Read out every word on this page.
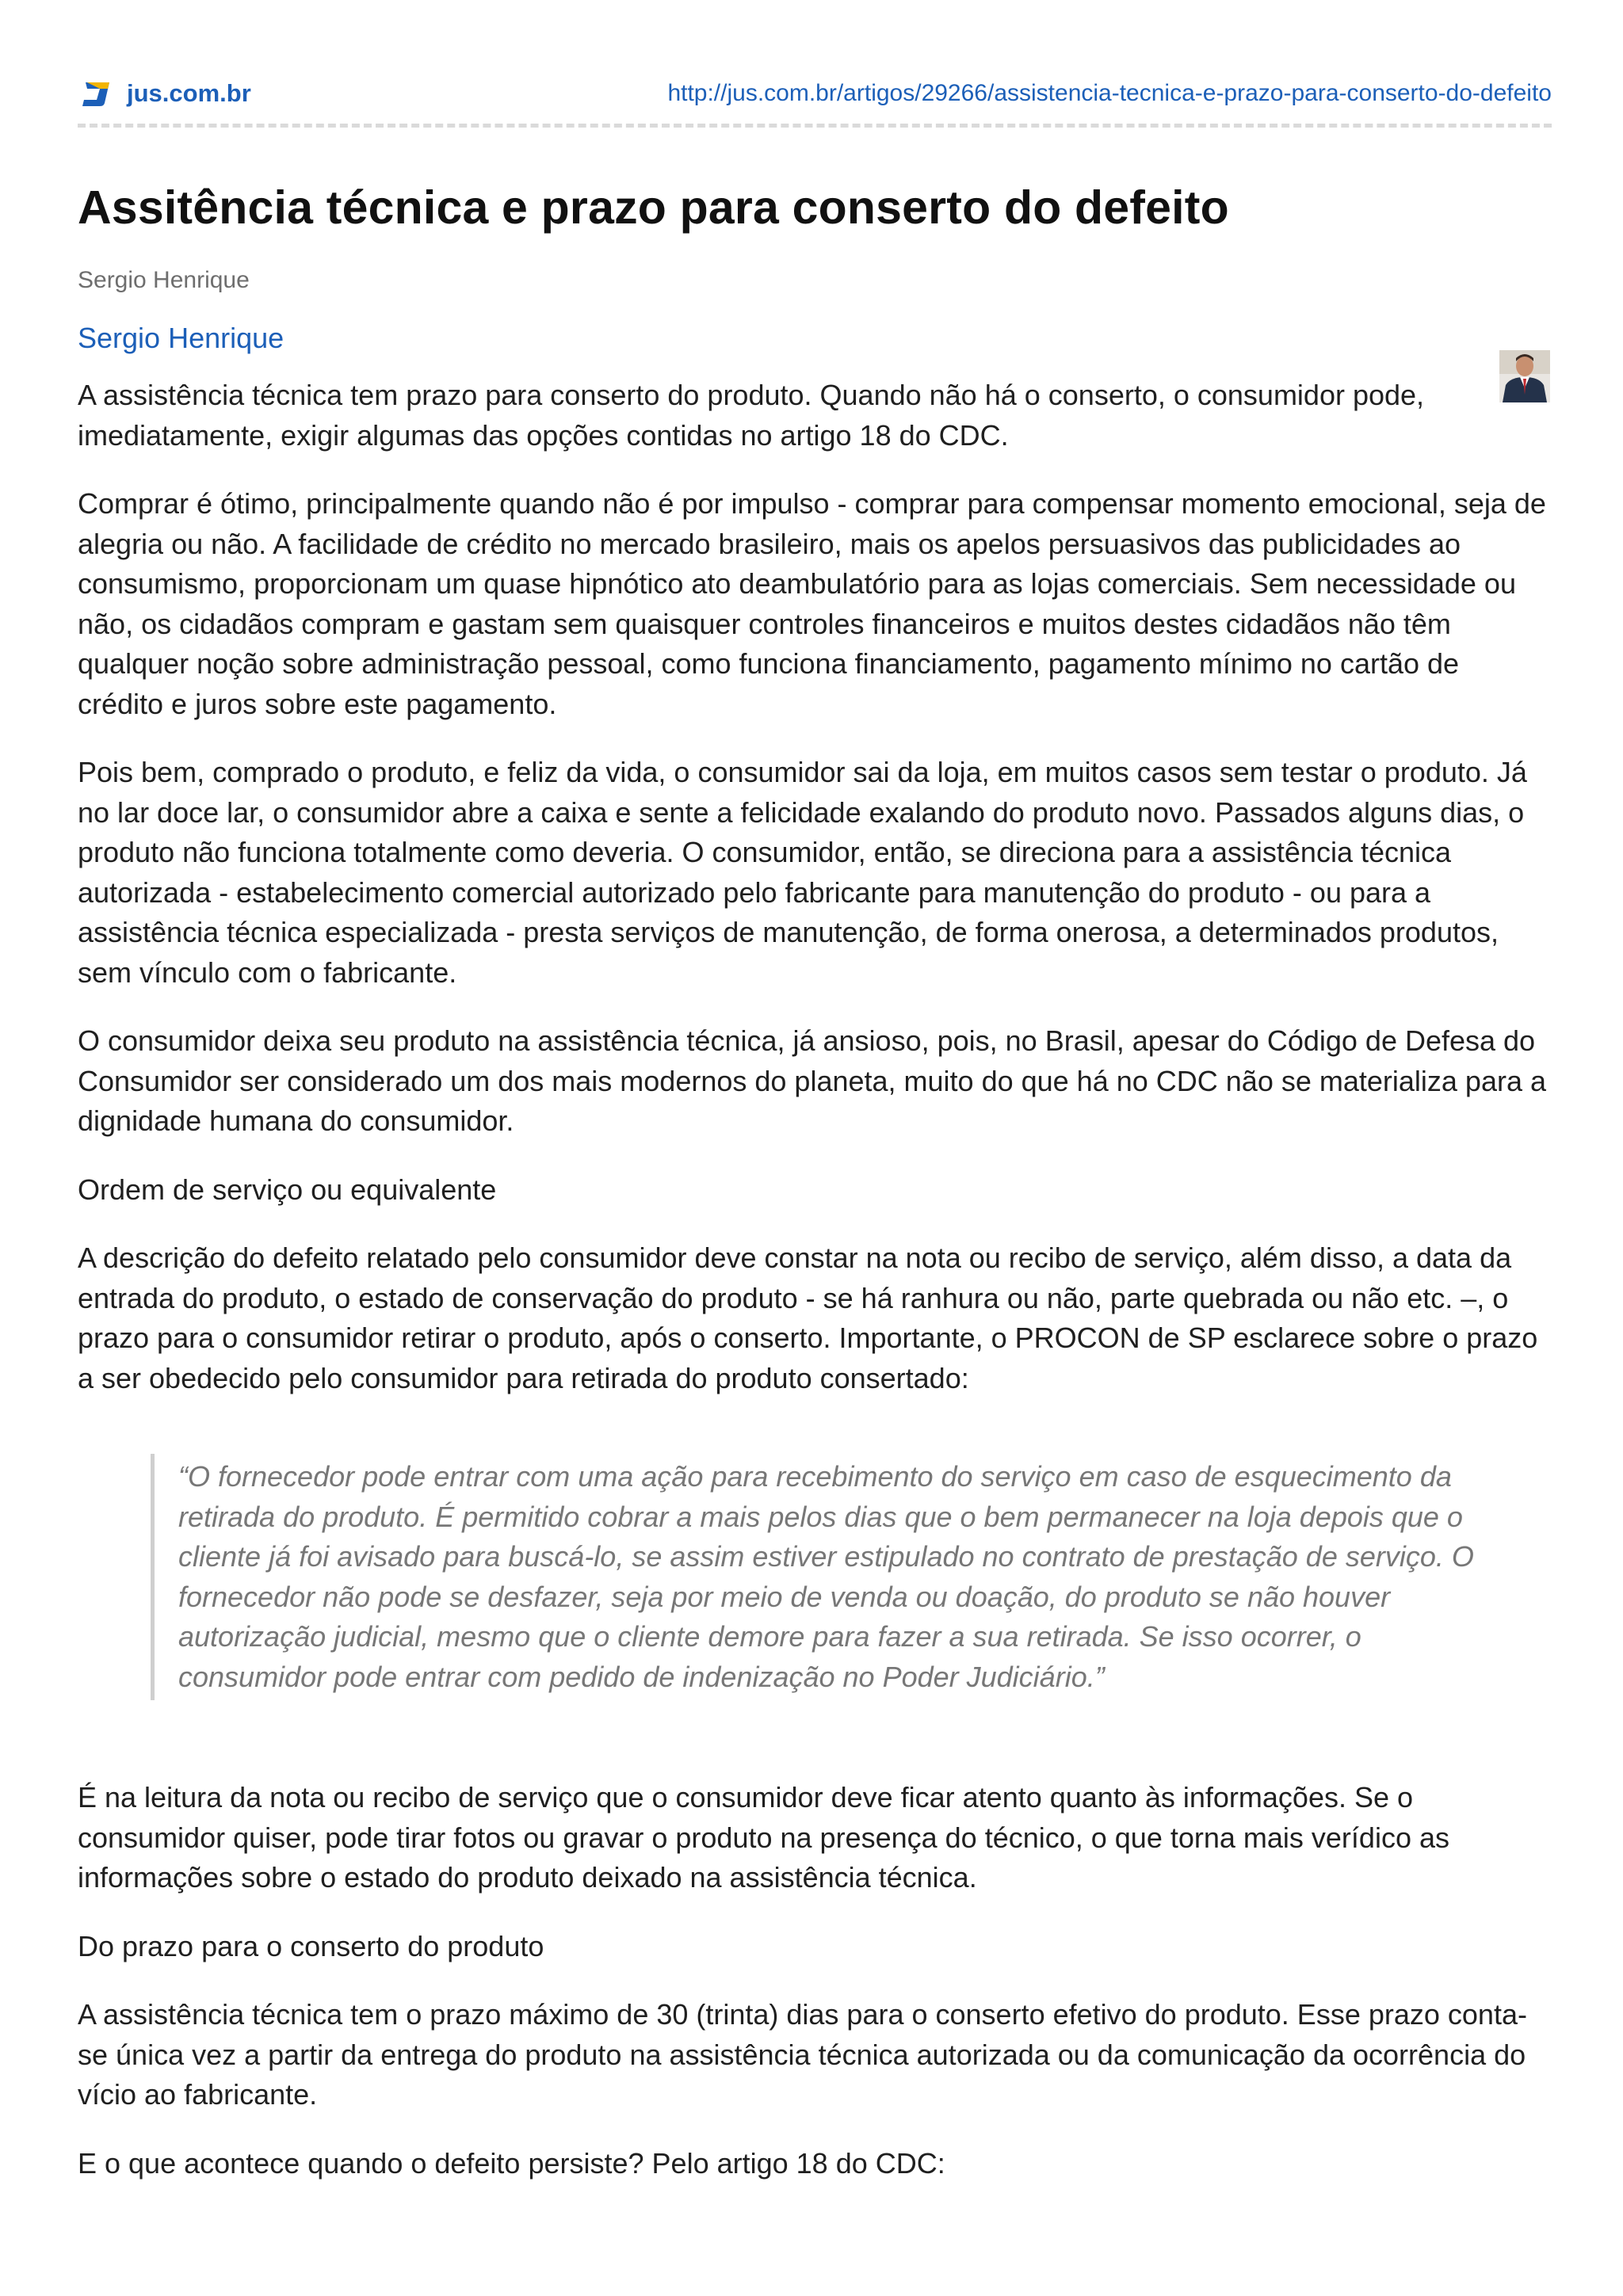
jus.com.br	http://jus.com.br/artigos/29266/assistencia-tecnica-e-prazo-para-conserto-do-defeito
Assitência técnica e prazo para conserto do defeito

Sergio Henrique

Sergio Henrique

A assistência técnica tem prazo para conserto do produto. Quando não há o conserto, o consumidor pode, imediatamente, exigir algumas das opções contidas no artigo 18 do CDC.

Comprar é ótimo, principalmente quando não é por impulso - comprar para compensar momento emocional, seja de alegria ou não. A facilidade de crédito no mercado brasileiro, mais os apelos persuasivos das publicidades ao consumismo, proporcionam um quase hipnótico ato deambulatório para as lojas comerciais. Sem necessidade ou não, os cidadãos compram e gastam sem quaisquer controles financeiros e muitos destes cidadãos não têm qualquer noção sobre administração pessoal, como funciona financiamento, pagamento mínimo no cartão de crédito e juros sobre este pagamento.

Pois bem, comprado o produto, e feliz da vida, o consumidor sai da loja, em muitos casos sem testar o produto. Já no lar doce lar, o consumidor abre a caixa e sente a felicidade exalando do produto novo. Passados alguns dias, o produto não funciona totalmente como deveria. O consumidor, então, se direciona para a assistência técnica autorizada - estabelecimento comercial autorizado pelo fabricante para manutenção do produto - ou para a assistência técnica especializada - presta serviços de manutenção, de forma onerosa, a determinados produtos, sem vínculo com o fabricante.

O consumidor deixa seu produto na assistência técnica, já ansioso, pois, no Brasil, apesar do Código de Defesa do Consumidor ser considerado um dos mais modernos do planeta, muito do que há no CDC não se materializa para a dignidade humana do consumidor.

Ordem de serviço ou equivalente

A descrição do defeito relatado pelo consumidor deve constar na nota ou recibo de serviço, além disso, a data da entrada do produto, o estado de conservação do produto - se há ranhura ou não, parte quebrada ou não etc. –, o prazo para o consumidor retirar o produto, após o conserto. Importante, o PROCON de SP esclarece sobre o prazo a ser obedecido pelo consumidor para retirada do produto consertado:

“O fornecedor pode entrar com uma ação para recebimento do serviço em caso de esquecimento da retirada do produto. É permitido cobrar a mais pelos dias que o bem permanecer na loja depois que o cliente já foi avisado para buscá-lo, se assim estiver estipulado no contrato de prestação de serviço. O fornecedor não pode se desfazer, seja por meio de venda ou doação, do produto se não houver autorização judicial, mesmo que o cliente demore para fazer a sua retirada. Se isso ocorrer, o consumidor pode entrar com pedido de indenização no Poder Judiciário.”

É na leitura da nota ou recibo de serviço que o consumidor deve ficar atento quanto às informações. Se o consumidor quiser, pode tirar fotos ou gravar o produto na presença do técnico, o que torna mais verídico as informações sobre o estado do produto deixado na assistência técnica.

Do prazo para o conserto do produto

A assistência técnica tem o prazo máximo de 30 (trinta) dias para o conserto efetivo do produto. Esse prazo conta-se única vez a partir da entrega do produto na assistência técnica autorizada ou da comunicação da ocorrência do vício ao fabricante.

E o que acontece quando o defeito persiste? Pelo artigo 18 do CDC:
